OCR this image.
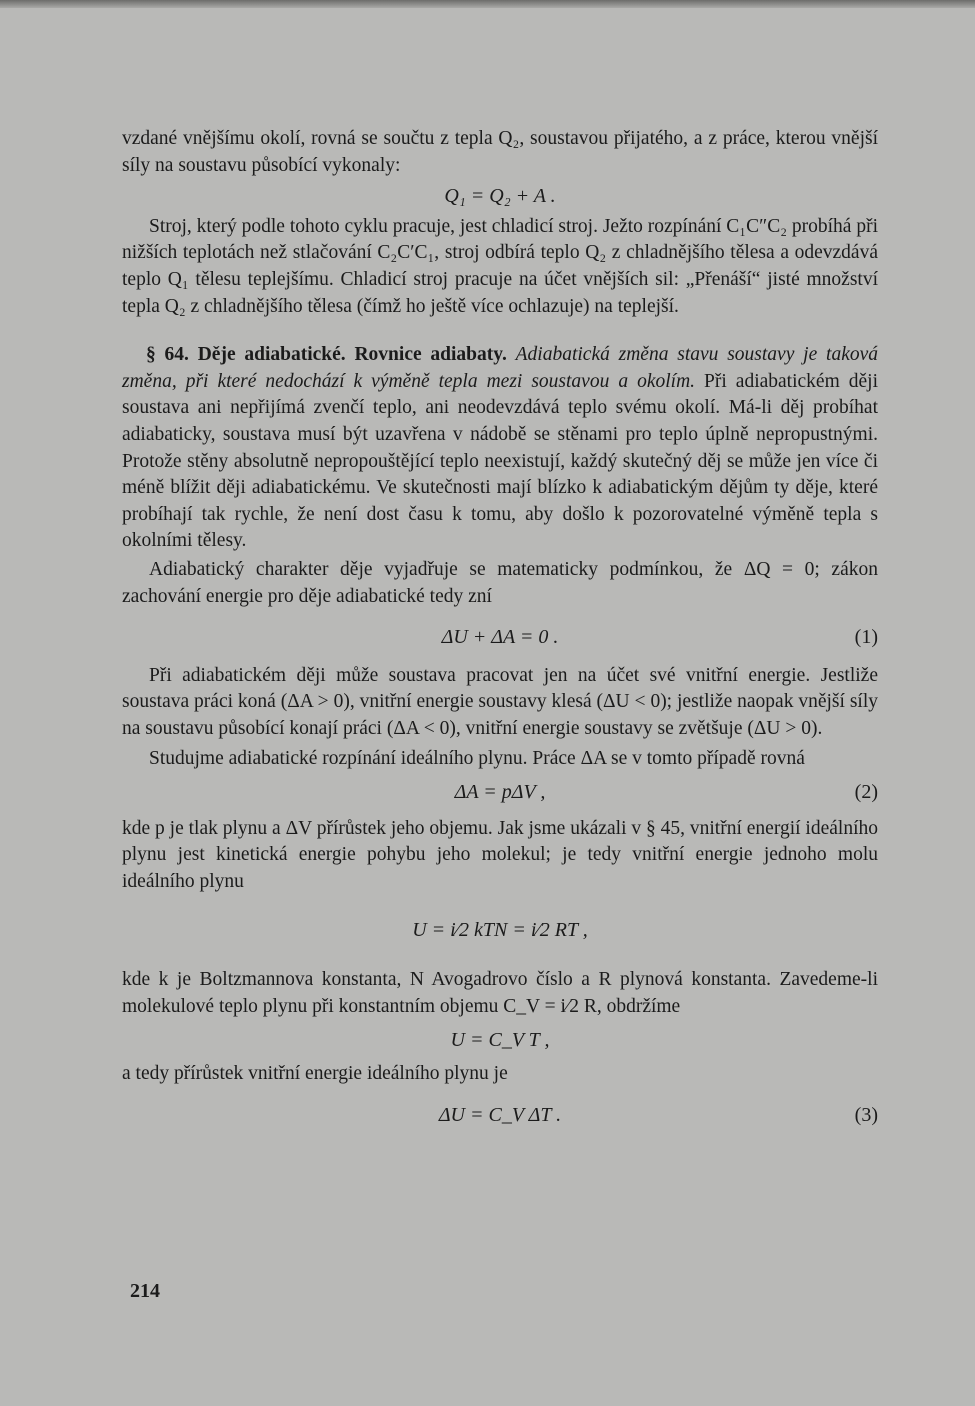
vzdané vnějšímu okolí, rovná se součtu z tepla Q₂, soustavou přijatého, a z práce, kterou vnější síly na soustavu působící vykonaly:

Q₁ = Q₂ + A .

Stroj, který podle tohoto cyklu pracuje, jest chladicí stroj. Ježto rozpínání C₁C″C₂ probíhá při nižších teplotách než stlačování C₂C′C₁, stroj odbírá teplo Q₂ z chladnějšího tělesa a odevzdává teplo Q₁ tělesu teplejšímu. Chladicí stroj pracuje na účet vnějších sil: „Přenáší“ jisté množství tepla Q₂ z chladnějšího tělesa (čímž ho ještě více ochlazuje) na teplejší.

§ 64. Děje adiabatické. Rovnice adiabaty. Adiabatická změna stavu soustavy je taková změna, při které nedochází k výměně tepla mezi soustavou a okolím. Při adiabatickém ději soustava ani nepřijímá zvenčí teplo, ani neodevzdává teplo svému okolí. Má-li děj probíhat adiabaticky, soustava musí být uzavřena v nádobě se stěnami pro teplo úplně nepropustnými. Protože stěny absolutně nepropouštějící teplo neexistují, každý skutečný děj se může jen více či méně blížit ději adiabatickému. Ve skutečnosti mají blízko k adiabatickým dějům ty děje, které probíhají tak rychle, že není dost času k tomu, aby došlo k pozorovatelné výměně tepla s okolními tělesy.

Adiabatický charakter děje vyjadřuje se matematicky podmínkou, že ΔQ = 0; zákon zachování energie pro děje adiabatické tedy zní

ΔU + ΔA = 0 .	(1)

Při adiabatickém ději může soustava pracovat jen na účet své vnitřní energie. Jestliže soustava práci koná (ΔA > 0), vnitřní energie soustavy klesá (ΔU < 0); jestliže naopak vnější síly na soustavu působící konají práci (ΔA < 0), vnitřní energie soustavy se zvětšuje (ΔU > 0).

Studujme adiabatické rozpínání ideálního plynu. Práce ΔA se v tomto případě rovná

ΔA = pΔV ,	(2)

kde p je tlak plynu a ΔV přírůstek jeho objemu. Jak jsme ukázali v § 45, vnitřní energií ideálního plynu jest kinetická energie pohybu jeho molekul; je tedy vnitřní energie jednoho molu ideálního plynu

U = i⁄2 kTN = i⁄2 RT ,

kde k je Boltzmannova konstanta, N Avogadrovo číslo a R plynová konstanta. Zavedeme-li molekulové teplo plynu při konstantním objemu C_V = i⁄2 R, obdržíme

U = C_V T ,

a tedy přírůstek vnitřní energie ideálního plynu je

ΔU = C_V ΔT .	(3)
214
